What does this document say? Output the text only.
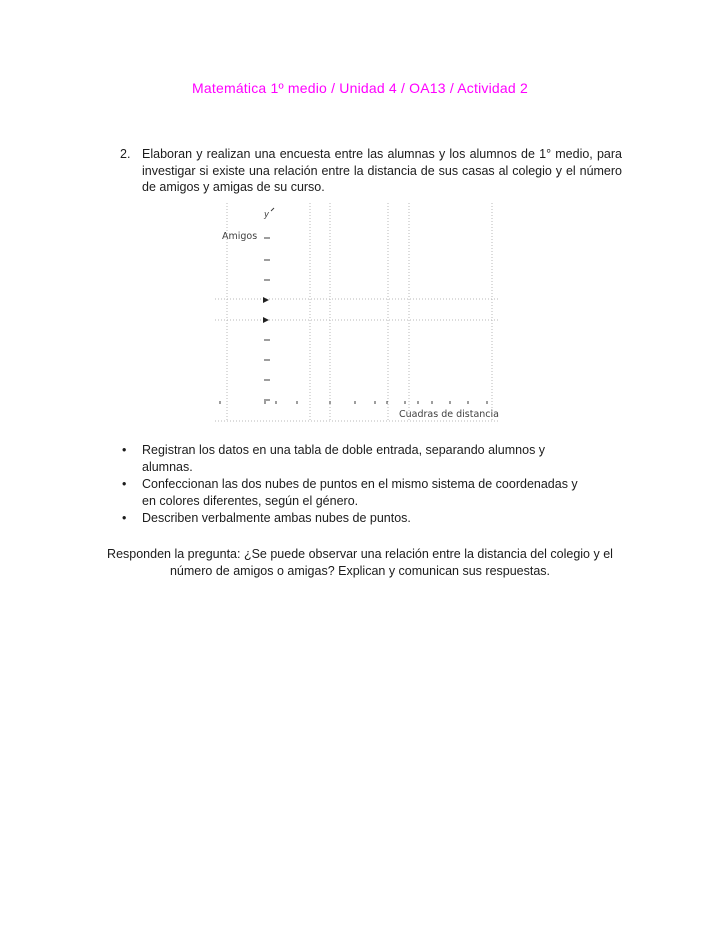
Matemática 1º medio / Unidad 4 / OA13 / Actividad 2
2. Elaboran y realizan una encuesta entre las alumnas y los alumnos de 1° medio, para investigar si existe una relación entre la distancia de sus casas al colegio y el número de amigos y amigas de su curso.

y
Amigos
Cuadras de distancia
• Registran los datos en una tabla de doble entrada, separando alumnos y alumnas.
• Confeccionan las dos nubes de puntos en el mismo sistema de coordenadas y en colores diferentes, según el género.
• Describen verbalmente ambas nubes de puntos.

Responden la pregunta: ¿Se puede observar una relación entre la distancia del colegio y el número de amigos o amigas? Explican y comunican sus respuestas.
